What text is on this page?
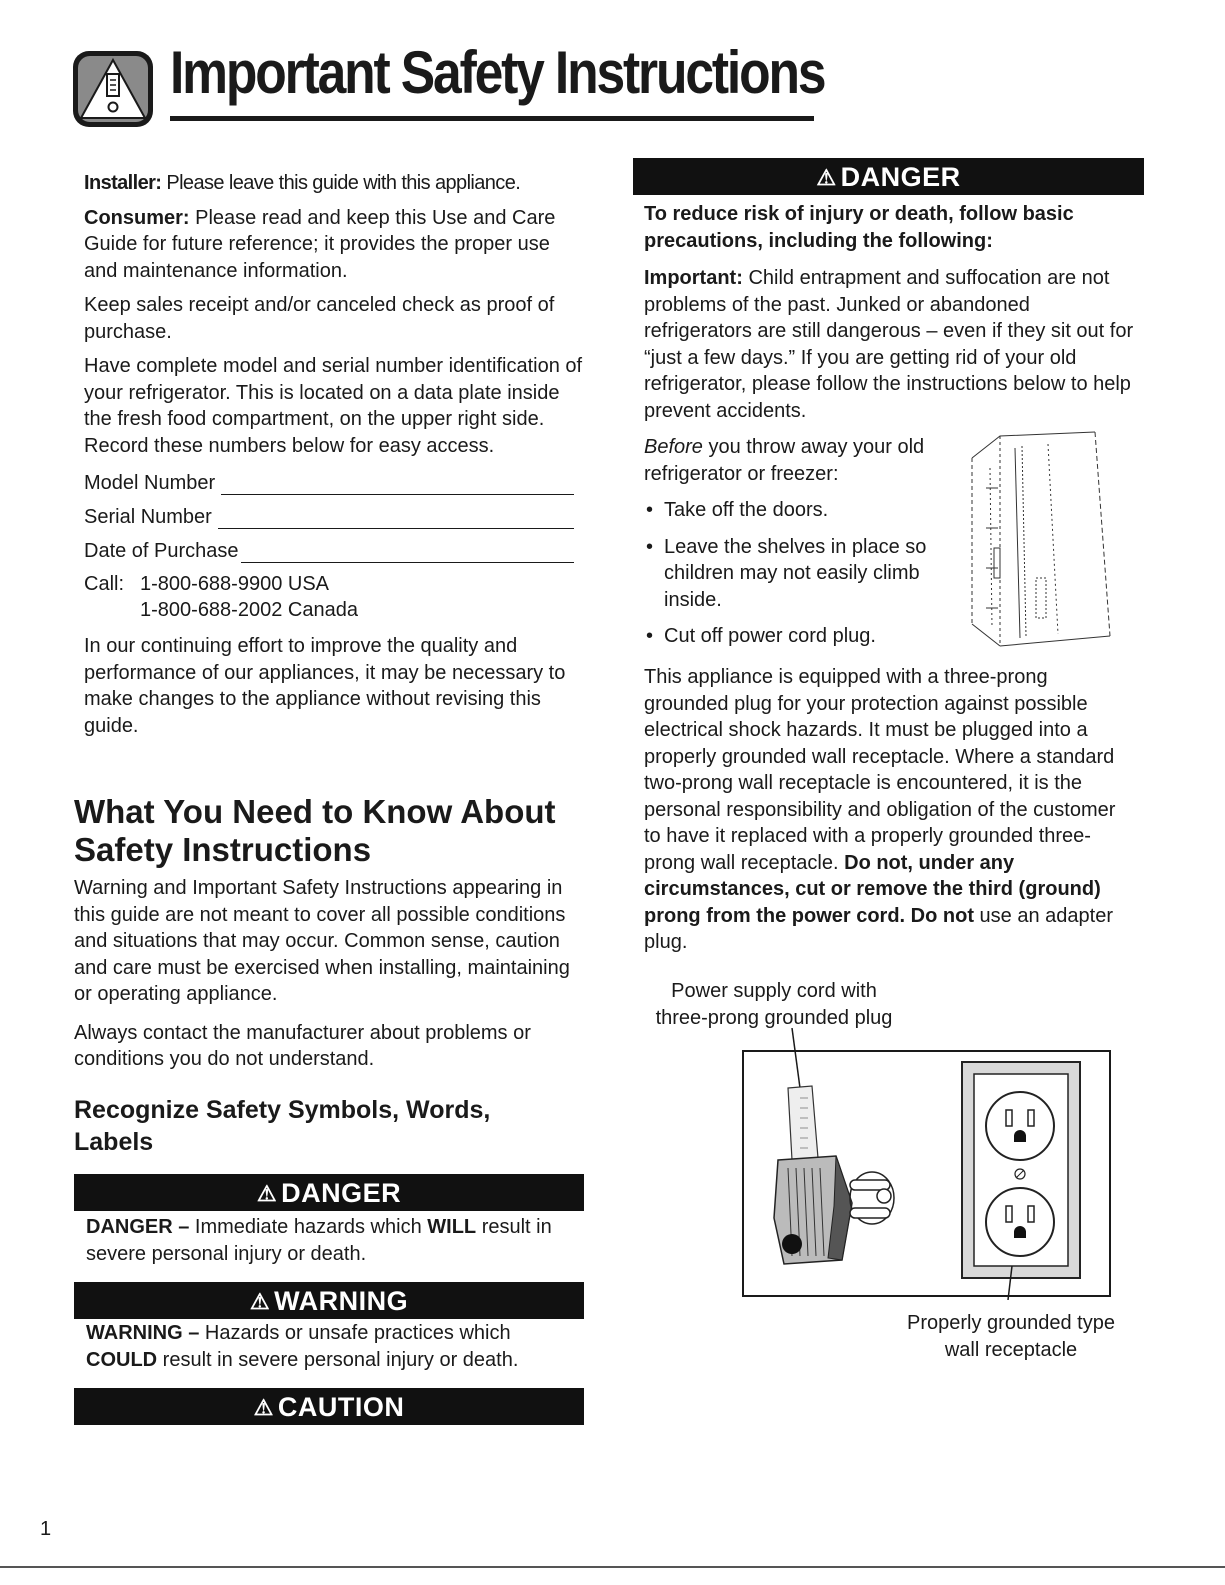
Important Safety Instructions

Installer: Please leave this guide with this appliance.

Consumer: Please read and keep this Use and Care Guide for future reference; it provides the proper use and maintenance information.

Keep sales receipt and/or canceled check as proof of purchase.

Have complete model and serial number identification of your refrigerator. This is located on a data plate inside the fresh food compartment, on the upper right side. Record these numbers below for easy access.

Model Number
Serial Number
Date of Purchase
Call: 1-800-688-9900 USA
1-800-688-2002 Canada

In our continuing effort to improve the quality and performance of our appliances, it may be necessary to make changes to the appliance without revising this guide.

What You Need to Know About Safety Instructions

Warning and Important Safety Instructions appearing in this guide are not meant to cover all possible conditions and situations that may occur. Common sense, caution and care must be exercised when installing, maintaining or operating appliance.

Always contact the manufacturer about problems or conditions you do not understand.

Recognize Safety Symbols, Words, Labels
⚠ DANGER

DANGER – Immediate hazards which WILL result in severe personal injury or death.

⚠ WARNING

WARNING – Hazards or unsafe practices which COULD result in severe personal injury or death.

⚠ CAUTION
⚠ DANGER

To reduce risk of injury or death, follow basic precautions, including the following:

Important: Child entrapment and suffocation are not problems of the past. Junked or abandoned refrigerators are still dangerous – even if they sit out for “just a few days.” If you are getting rid of your old refrigerator, please follow the instructions below to help prevent accidents.

Before you throw away your old refrigerator or freezer:

• Take off the doors.

• Leave the shelves in place so children may not easily climb inside.

• Cut off power cord plug.

This appliance is equipped with a three-prong grounded plug for your protection against possible electrical shock hazards. It must be plugged into a properly grounded wall receptacle. Where a standard two-prong wall receptacle is encountered, it is the personal responsibility and obligation of the customer to have it replaced with a properly grounded three-prong wall receptacle. Do not, under any circumstances, cut or remove the third (ground) prong from the power cord. Do not use an adapter plug.

Power supply cord with three-prong grounded plug

Properly grounded type wall receptacle

1
